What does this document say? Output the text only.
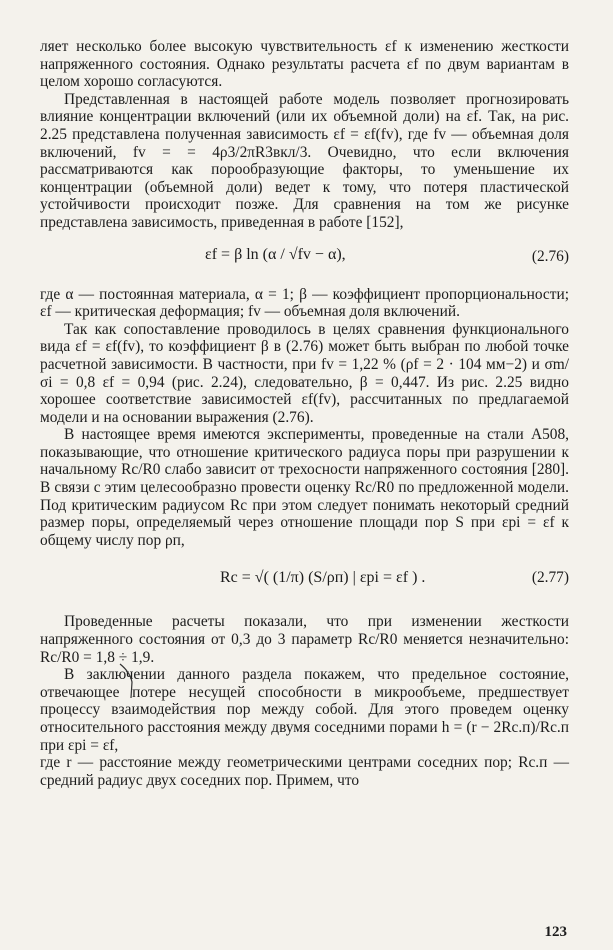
ляет несколько более высокую чувствительность εf к изменению жесткости напряженного состояния. Однако результаты расчета εf по двум вариантам в целом хорошо согласуются.

Представленная в настоящей работе модель позволяет прогнозировать влияние концентрации включений (или их объемной доли) на εf. Так, на рис. 2.25 представлена полученная зависимость εf = εf(fv), где fv — объемная доля включений, fv = = 4ρ3/2πR3вкл/3. Очевидно, что если включения рассматриваются как порообразующие факторы, то уменьшение их концентрации (объемной доли) ведет к тому, что потеря пластической устойчивости происходит позже. Для сравнения на том же рисунке представлена зависимость, приведенная в работе [152],

εf = β ln (α / √fv − α),	(2.76)

где α — постоянная материала, α = 1; β — коэффициент пропорциональности; εf — критическая деформация; fv — объемная доля включений.

Так как сопоставление проводилось в целях сравнения функционального вида εf = εf(fv), то коэффициент β в (2.76) может быть выбран по любой точке расчетной зависимости. В частности, при fv = 1,22 % (ρf = 2 · 104 мм−2) и σm/σi = 0,8 εf = 0,94 (рис. 2.24), следовательно, β = 0,447. Из рис. 2.25 видно хорошее соответствие зависимостей εf(fv), рассчитанных по предлагаемой модели и на основании выражения (2.76).

В настоящее время имеются эксперименты, проведенные на стали А508, показывающие, что отношение критического радиуса поры при разрушении к начальному Rc/R0 слабо зависит от трехосности напряженного состояния [280]. В связи с этим целесообразно провести оценку Rc/R0 по предложенной модели. Под критическим радиусом Rc при этом следует понимать некоторый средний размер поры, определяемый через отношение площади пор S при εpi = εf к общему числу пор ρп,

Rc = √( (1/π) (S/ρп) | εpi = εf ) .	(2.77)

Проведенные расчеты показали, что при изменении жесткости напряженного состояния от 0,3 до 3 параметр Rc/R0 меняется незначительно: Rc/R0 = 1,8 ÷ 1,9.

В заключении данного раздела покажем, что предельное состояние, отвечающее потере несущей способности в микрообъеме, предшествует процессу взаимодействия пор между собой. Для этого проведем оценку относительного расстояния между двумя соседними порами h = (r − 2Rс.п)/Rс.п при εpi = εf,

где r — расстояние между геометрическими центрами соседних пор; Rс.п — средний радиус двух соседних пор. Примем, что

123
